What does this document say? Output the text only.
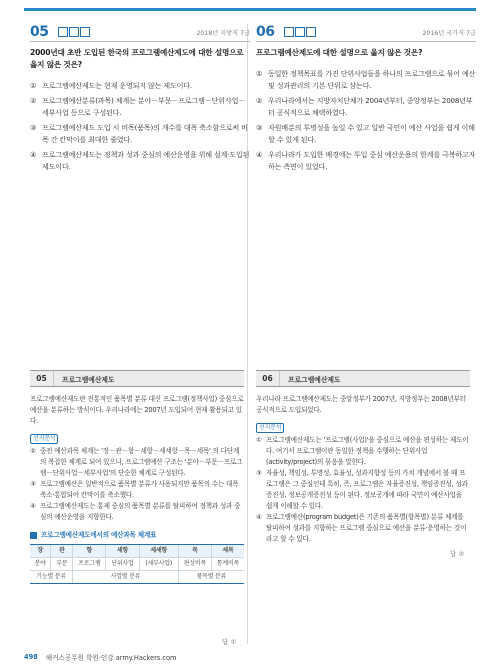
05	2018년 지방직 7급
2000년대 초반 도입된 한국의 프로그램예산제도에 대한 설명으로 옳지 않은 것은?
① 프로그램예산제도는 현재 운영되지 않는 제도이다.
② 프로그램예산분류(과목) 체계는 분야－부문－프로그램－단위사업－세부사업 등으로 구성된다.
③ 프로그램예산제도 도입 시 비목(품목)의 개수를 대폭 축소함으로써 비목 간 칸막이를 최대한 줄였다.
④ 프로그램예산제도는 정책과 성과 중심의 예산운영을 위해 설계·도입된 제도이다.
06	2016년 국가직 7급
프로그램예산제도에 대한 설명으로 옳지 않은 것은?
① 동일한 정책목표를 가진 단위사업들을 하나의 프로그램으로 묶어 예산 및 성과관리의 기본 단위로 삼는다.
② 우리나라에서는 지방자치단체가 2004년부터, 중앙정부는 2008년부터 공식적으로 채택하였다.
③ 자원배분의 투명성을 높일 수 있고 일반 국민이 예산 사업을 쉽게 이해할 수 있게 된다.
④ 우리나라가 도입한 배경에는 투입 중심 예산운용의 한계를 극복하고자 하는 측면이 있었다.
05	프로그램예산제도	06	프로그램예산제도
프로그램예산제도란 전통적인 품목별 분류 대신 프로그램(정책사업) 중심으로 예산을 분류하는 방식이다. 우리나라에는 2007년 도입되어 현재 활용되고 있다.
선지분석
② 중전 예산과목 체계는 '장－관－항－세항－세세항－목－세목' 의 다단계의 복잡한 체계로 되어 있으나, 프로그램예산 구조는 '분야－부문－프로그램－단위사업－세부사업'의 단순한 체계로 구성된다.
③ 프로그램예산은 일반적으로 품목별 분류가 사용되지만 품목의 수는 대폭 축소·통합되어 칸막이를 축소했다.
④ 프로그램예산제도는 통제 중심의 품목별 분류를 탈피하여 정책과 성과 중심의 예산운영을 지향한다.
프로그램예산제도에서의 예산과목 체계표
장	관	항	세항	세세항	목	세목
분야	부문	프로그램	단위사업	(세부사업)	편성비목	통계비목
기능별 분류		사업별 분류			품목별 분류	
답 ①
우리나라 프로그램예산제도는 중앙정부가 2007년, 지방정부는 2008년부터 공식적으로 도입되었다.
선지분석
① 프로그램예산제도는 '프로그램(사업)'을 중심으로 예산을 편성하는 제도이다. 여기서 프로그램이란 동일한 정책을 수행하는 단위사업(activity/project)의 묶음을 말한다.
③ 자율성, 책임성, 투명성, 효율성, 성과지향성 등의 가치 개념에서 볼 때 프로그램은 그 중심인데 특히, 즉, 프로그램은 자율증진성, 책임증진성, 성과증진성, 정보공개증진성 등이 된다. 정보공개에 따라 국민이 예산사업을 쉽게 이해할 수 있다.
④ 프로그램예산(program budget)은 기존의 품목별(항목별) 분류 체계를 탈피하여 성과를 지향하는 프로그램 중심으로 예산을 분류·운영하는 것이라고 할 수 있다.
답 ②
498 해커스공무원 학원·인강 army.Hackers.com
